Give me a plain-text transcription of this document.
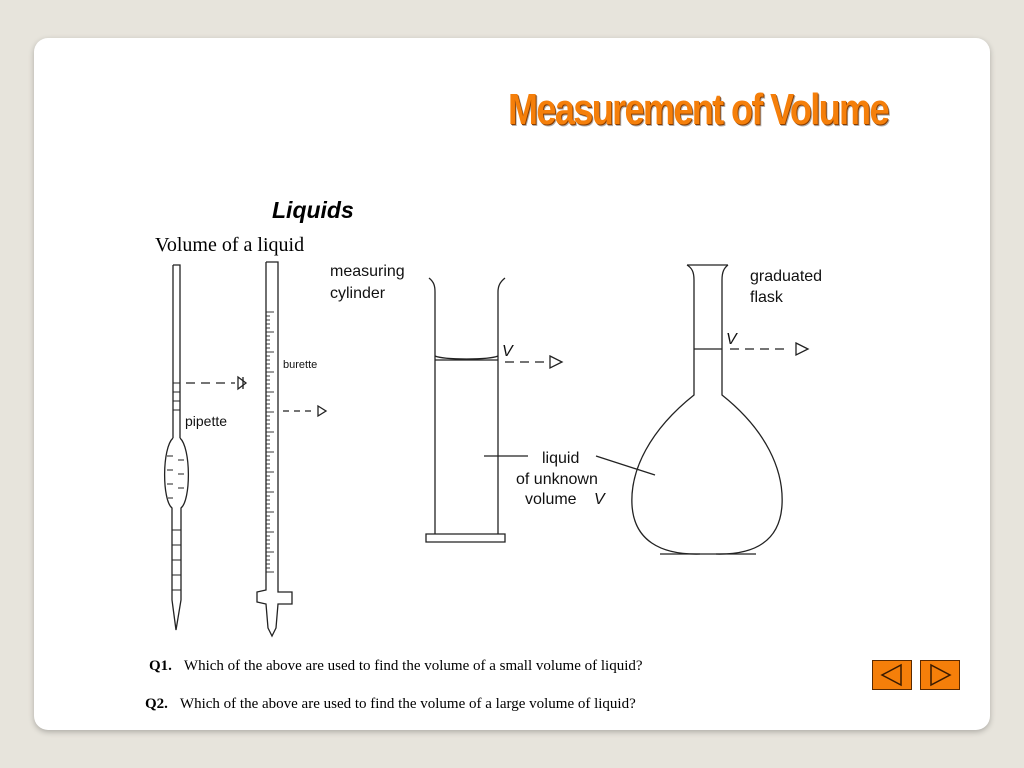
Measurement of Volume
Liquids
Volume of a liquid
measuring
cylinder
graduated
flask
burette
pipette
liquid
of unknown
volume V
V
V
Q1. Which of the above are used to find the volume of a small volume of liquid?
Q2. Which of the above are used to find the volume of a large volume of liquid?
